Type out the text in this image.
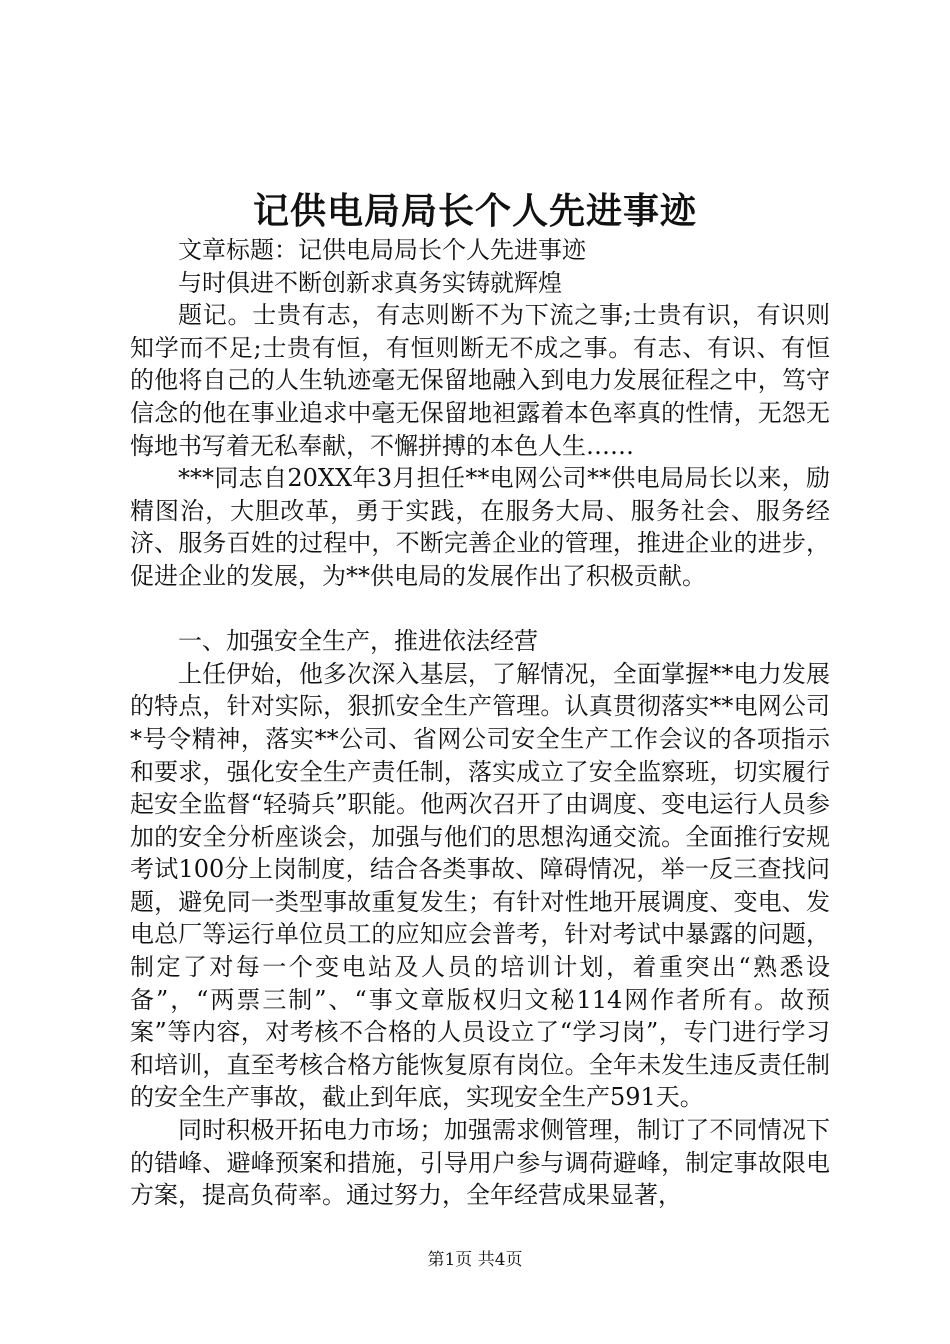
记供电局局长个人先进事迹

文章标题：记供电局局长个人先进事迹

与时俱进不断创新求真务实铸就辉煌

题记。士贵有志，有志则断不为下流之事;士贵有识，有识则知学而不足;士贵有恒，有恒则断无不成之事。有志、有识、有恒的他将自己的人生轨迹毫无保留地融入到电力发展征程之中，笃守信念的他在事业追求中毫无保留地袒露着本色率真的性情，无怨无悔地书写着无私奉献，不懈拼搏的本色人生……

***同志自20XX年3月担任**电网公司**供电局局长以来，励精图治，大胆改革，勇于实践，在服务大局、服务社会、服务经济、服务百姓的过程中，不断完善企业的管理，推进企业的进步，促进企业的发展，为**供电局的发展作出了积极贡献。

一、加强安全生产，推进依法经营

上任伊始，他多次深入基层，了解情况，全面掌握**电力发展的特点，针对实际，狠抓安全生产管理。认真贯彻落实**电网公司*号令精神，落实**公司、省网公司安全生产工作会议的各项指示和要求，强化安全生产责任制，落实成立了安全监察班，切实履行起安全监督“轻骑兵”职能。他两次召开了由调度、变电运行人员参加的安全分析座谈会，加强与他们的思想沟通交流。全面推行安规考试100分上岗制度，结合各类事故、障碍情况，举一反三查找问题，避免同一类型事故重复发生；有针对性地开展调度、变电、发电总厂等运行单位员工的应知应会普考，针对考试中暴露的问题，制定了对每一个变电站及人员的培训计划，着重突出“熟悉设备”，“两票三制”、“事文章版权归文秘114网作者所有。故预案”等内容，对考核不合格的人员设立了“学习岗”，专门进行学习和培训，直至考核合格方能恢复原有岗位。全年未发生违反责任制的安全生产事故，截止到年底，实现安全生产591天。

同时积极开拓电力市场；加强需求侧管理，制订了不同情况下的错峰、避峰预案和措施，引导用户参与调荷避峰，制定事故限电方案，提高负荷率。通过努力，全年经营成果显著，

第1页 共4页
